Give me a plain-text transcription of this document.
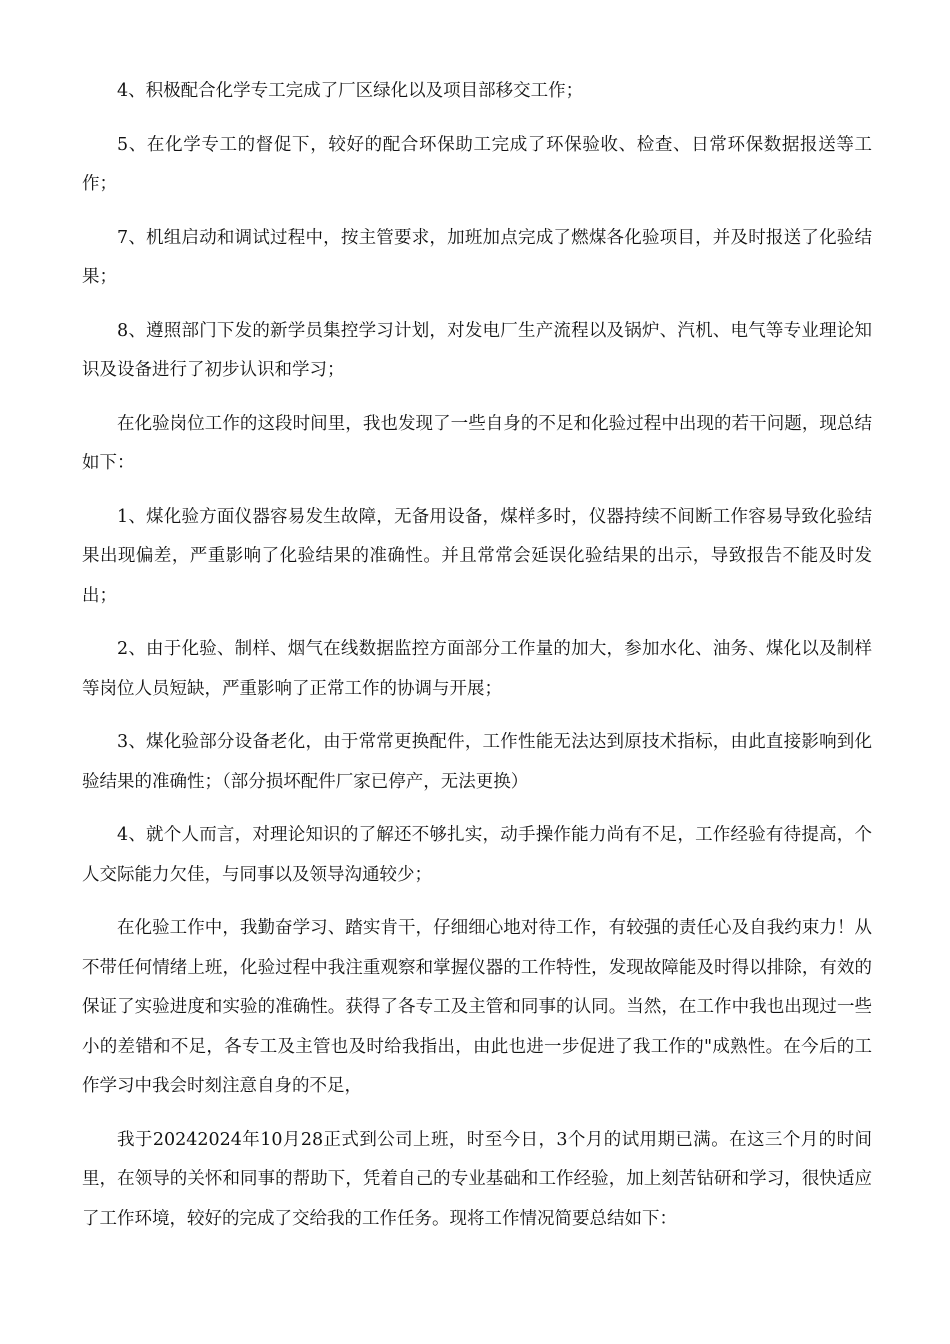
4、积极配合化学专工完成了厂区绿化以及项目部移交工作；

5、在化学专工的督促下，较好的配合环保助工完成了环保验收、检查、日常环保数据报送等工作；

7、机组启动和调试过程中，按主管要求，加班加点完成了燃煤各化验项目，并及时报送了化验结果；

8、遵照部门下发的新学员集控学习计划，对发电厂生产流程以及锅炉、汽机、电气等专业理论知识及设备进行了初步认识和学习；

在化验岗位工作的这段时间里，我也发现了一些自身的不足和化验过程中出现的若干问题，现总结如下：

1、煤化验方面仪器容易发生故障，无备用设备，煤样多时，仪器持续不间断工作容易导致化验结果出现偏差，严重影响了化验结果的准确性。并且常常会延误化验结果的出示，导致报告不能及时发出；

2、由于化验、制样、烟气在线数据监控方面部分工作量的加大，参加水化、油务、煤化以及制样等岗位人员短缺，严重影响了正常工作的协调与开展；

3、煤化验部分设备老化，由于常常更换配件，工作性能无法达到原技术指标，由此直接影响到化验结果的准确性；（部分损坏配件厂家已停产，无法更换）

4、就个人而言，对理论知识的了解还不够扎实，动手操作能力尚有不足，工作经验有待提高，个人交际能力欠佳，与同事以及领导沟通较少；

在化验工作中，我勤奋学习、踏实肯干，仔细细心地对待工作，有较强的责任心及自我约束力！从不带任何情绪上班，化验过程中我注重观察和掌握仪器的工作特性，发现故障能及时得以排除，有效的保证了实验进度和实验的准确性。获得了各专工及主管和同事的认同。当然，在工作中我也出现过一些小的差错和不足，各专工及主管也及时给我指出，由此也进一步促进了我工作的"成熟性。在今后的工作学习中我会时刻注意自身的不足，

我于20242024年10月28正式到公司上班，时至今日，3个月的试用期已满。在这三个月的时间里，在领导的关怀和同事的帮助下，凭着自己的专业基础和工作经验，加上刻苦钻研和学习，很快适应了工作环境，较好的完成了交给我的工作任务。现将工作情况简要总结如下：
